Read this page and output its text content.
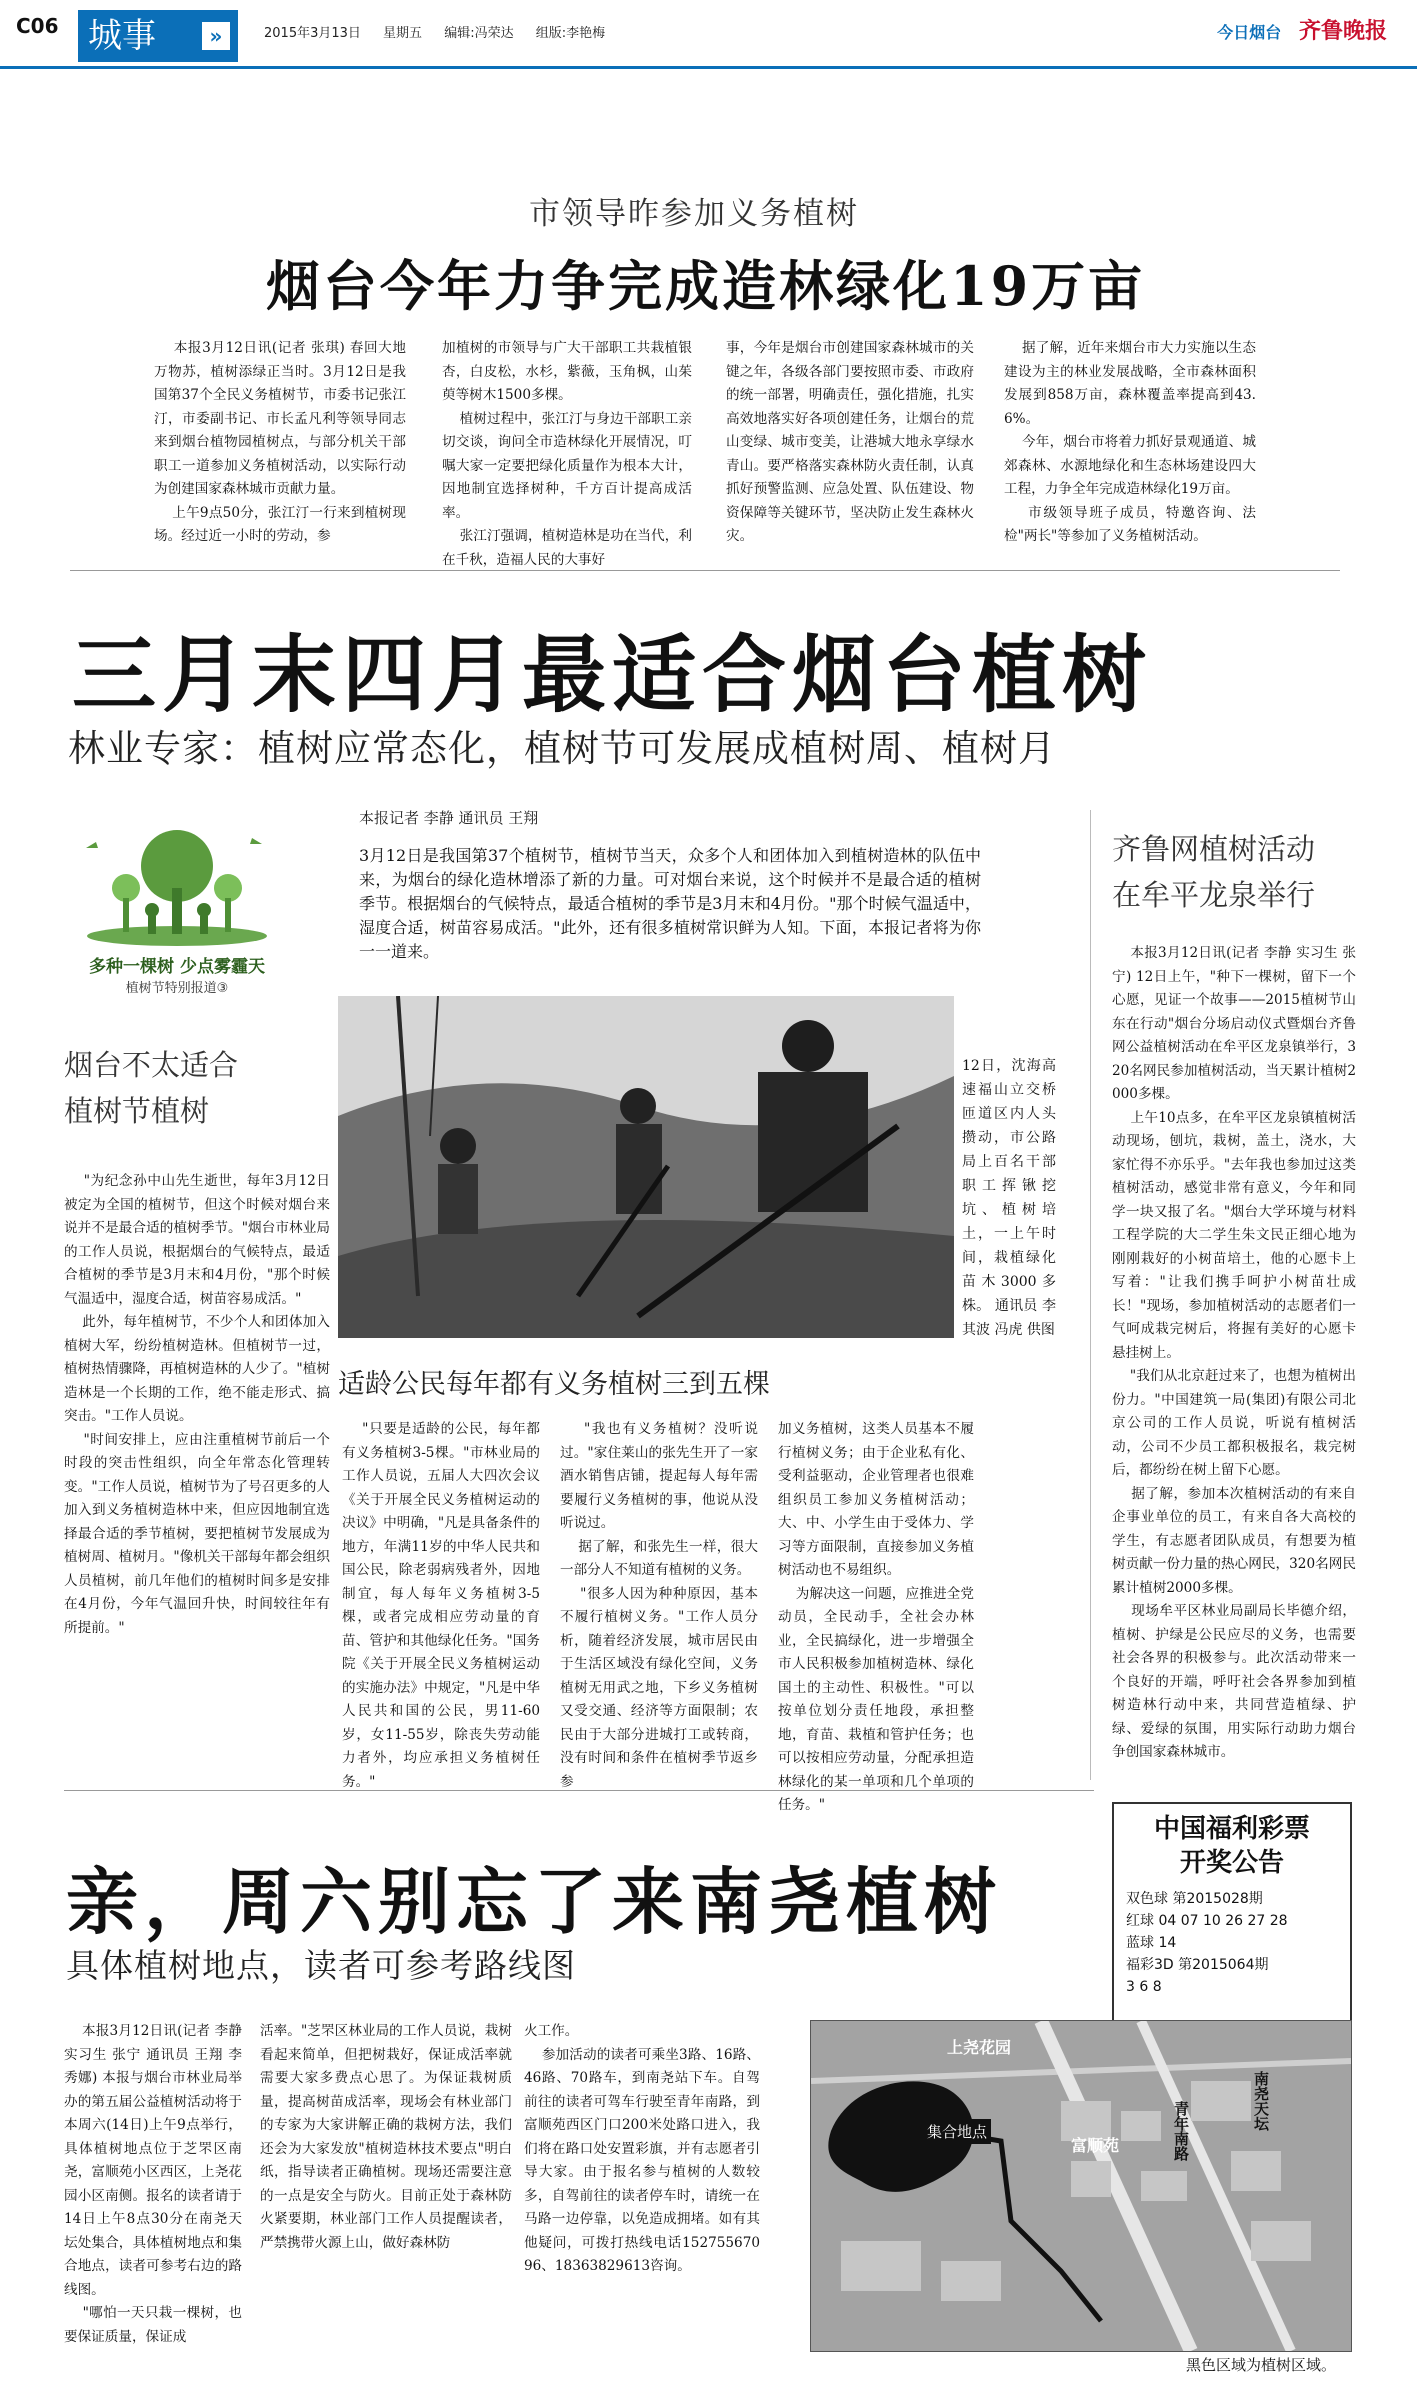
C06 城事	»	2015年3月13日 星期五 编辑:冯荣达 组版:李艳梅	今日烟台 齐鲁晚报
市领导昨参加义务植树
烟台今年力争完成造林绿化19万亩
本报3月12日讯(记者 张琪) 春回大地万物苏，植树添绿正当时。3月12日是我国第37个全民义务植树节，市委书记张江汀，市委副书记、市长孟凡利等领导同志来到烟台植物园植树点，与部分机关干部职工一道参加义务植树活动，以实际行动为创建国家森林城市贡献力量。
上午9点50分，张江汀一行来到植树现场。经过近一小时的劳动，参
加植树的市领导与广大干部职工共栽植银杏，白皮松，水杉，紫薇，玉角枫，山茱萸等树木1500多棵。
植树过程中，张江汀与身边干部职工亲切交谈，询问全市造林绿化开展情况，叮嘱大家一定要把绿化质量作为根本大计，因地制宜选择树种，千方百计提高成活率。
张江汀强调，植树造林是功在当代，利在千秋，造福人民的大事好
事，今年是烟台市创建国家森林城市的关键之年，各级各部门要按照市委、市政府的统一部署，明确责任，强化措施，扎实高效地落实好各项创建任务，让烟台的荒山变绿、城市变美，让港城大地永享绿水青山。要严格落实森林防火责任制，认真抓好预警监测、应急处置、队伍建设、物资保障等关键环节，坚决防止发生森林火灾。
据了解，近年来烟台市大力实施以生态建设为主的林业发展战略，全市森林面积发展到858万亩，森林覆盖率提高到43.6%。
今年，烟台市将着力抓好景观通道、城郊森林、水源地绿化和生态林场建设四大工程，力争全年完成造林绿化19万亩。
市级领导班子成员，特邀咨询、法检"两长"等参加了义务植树活动。
三月末四月最适合烟台植树
林业专家：植树应常态化，植树节可发展成植树周、植树月
多种一棵树 少点雾霾天
植树节特别报道③
本报记者 李静 通讯员 王翔
3月12日是我国第37个植树节，植树节当天，众多个人和团体加入到植树造林的队伍中来，为烟台的绿化造林增添了新的力量。可对烟台来说，这个时候并不是最合适的植树季节。根据烟台的气候特点，最适合植树的季节是3月末和4月份。"那个时候气温适中，湿度合适，树苗容易成活。"此外，还有很多植树常识鲜为人知。下面，本报记者将为你一一道来。
烟台不太适合
植树节植树
"为纪念孙中山先生逝世，每年3月12日被定为全国的植树节，但这个时候对烟台来说并不是最合适的植树季节。"烟台市林业局的工作人员说，根据烟台的气候特点，最适合植树的季节是3月末和4月份，"那个时候气温适中，湿度合适，树苗容易成活。"
此外，每年植树节，不少个人和团体加入植树大军，纷纷植树造林。但植树节一过，植树热情骤降，再植树造林的人少了。"植树造林是一个长期的工作，绝不能走形式、搞突击。"工作人员说。
"时间安排上，应由注重植树节前后一个时段的突击性组织，向全年常态化管理转变。"工作人员说，植树节为了号召更多的人加入到义务植树造林中来，但应因地制宜选择最合适的季节植树，要把植树节发展成为植树周、植树月。"像机关干部每年都会组织人员植树，前几年他们的植树时间多是安排在4月份，今年气温回升快，时间较往年有所提前。"
12日，沈海高速福山立交桥匝道区内人头攒动，市公路局上百名干部职工挥锹挖坑、植树培土，一上午时间，栽植绿化苗木3000多株。 通讯员 李其波 冯虎 供图
适龄公民每年都有义务植树三到五棵
"只要是适龄的公民，每年都有义务植树3-5棵。"市林业局的工作人员说，五届人大四次会议《关于开展全民义务植树运动的决议》中明确，"凡是具备条件的地方，年满11岁的中华人民共和国公民，除老弱病残者外，因地制宜，每人每年义务植树3-5棵，或者完成相应劳动量的育苗、管护和其他绿化任务。"国务院《关于开展全民义务植树运动的实施办法》中规定，"凡是中华人民共和国的公民，男11-60岁，女11-55岁，除丧失劳动能力者外，均应承担义务植树任务。"
"我也有义务植树？没听说过。"家住莱山的张先生开了一家酒水销售店铺，提起每人每年需要履行义务植树的事，他说从没听说过。
据了解，和张先生一样，很大一部分人不知道有植树的义务。
"很多人因为种种原因，基本不履行植树义务。"工作人员分析，随着经济发展，城市居民由于生活区域没有绿化空间，义务植树无用武之地，下乡义务植树又受交通、经济等方面限制；农民由于大部分进城打工或转商，没有时间和条件在植树季节返乡参
加义务植树，这类人员基本不履行植树义务；由于企业私有化、受利益驱动，企业管理者也很难组织员工参加义务植树活动；大、中、小学生由于受体力、学习等方面限制，直接参加义务植树活动也不易组织。
为解决这一问题，应推进全党动员，全民动手，全社会办林业，全民搞绿化，进一步增强全市人民积极参加植树造林、绿化国土的主动性、积极性。"可以按单位划分责任地段，承担整地，育苗、栽植和管护任务；也可以按相应劳动量，分配承担造林绿化的某一单项和几个单项的任务。"
齐鲁网植树活动
在牟平龙泉举行
本报3月12日讯(记者 李静 实习生 张宁) 12日上午，"种下一棵树，留下一个心愿，见证一个故事——2015植树节山东在行动"烟台分场启动仪式暨烟台齐鲁网公益植树活动在牟平区龙泉镇举行，320名网民参加植树活动，当天累计植树2000多棵。
上午10点多，在牟平区龙泉镇植树活动现场，刨坑，栽树，盖土，浇水，大家忙得不亦乐乎。"去年我也参加过这类植树活动，感觉非常有意义，今年和同学一块又报了名。"烟台大学环境与材料工程学院的大二学生朱文民正细心地为刚刚栽好的小树苗培土，他的心愿卡上写着："让我们携手呵护小树苗壮成长！"现场，参加植树活动的志愿者们一气呵成栽完树后，将握有美好的心愿卡悬挂树上。
"我们从北京赶过来了，也想为植树出份力。"中国建筑一局(集团)有限公司北京公司的工作人员说，听说有植树活动，公司不少员工都积极报名，栽完树后，都纷纷在树上留下心愿。
据了解，参加本次植树活动的有来自企事业单位的员工，有来自各大高校的学生，有志愿者团队成员，有想要为植树贡献一份力量的热心网民，320名网民累计植树2000多棵。
现场牟平区林业局副局长毕德介绍，植树、护绿是公民应尽的义务，也需要社会各界的积极参与。此次活动带来一个良好的开端，呼吁社会各界参加到植树造林行动中来，共同营造植绿、护绿、爱绿的氛围，用实际行动助力烟台争创国家森林城市。
中国福利彩票
开奖公告
双色球 第2015028期
红球 04 07 10 26 27 28
蓝球 14
福彩3D 第2015064期
3 6 8
亲，周六别忘了来南尧植树
具体植树地点，读者可参考路线图
本报3月12日讯(记者 李静 实习生 张宁 通讯员 王翔 李秀娜) 本报与烟台市林业局举办的第五届公益植树活动将于本周六(14日)上午9点举行，具体植树地点位于芝罘区南尧，富顺苑小区西区，上尧花园小区南侧。报名的读者请于14日上午8点30分在南尧天坛处集合，具体植树地点和集合地点，读者可参考右边的路线图。
"哪怕一天只栽一棵树，也要保证质量，保证成
活率。"芝罘区林业局的工作人员说，栽树看起来简单，但把树栽好，保证成活率就需要大家多费点心思了。为保证栽树质量，提高树苗成活率，现场会有林业部门的专家为大家讲解正确的栽树方法，我们还会为大家发放"植树造林技术要点"明白纸，指导读者正确植树。现场还需要注意的一点是安全与防火。目前正处于森林防火紧要期，林业部门工作人员提醒读者，严禁携带火源上山，做好森林防
火工作。
参加活动的读者可乘坐3路、16路、46路、70路车，到南尧站下车。自驾前往的读者可驾车行驶至青年南路，到富顺苑西区门口200米处路口进入，我们将在路口处安置彩旗，并有志愿者引导大家。由于报名参与植树的人数较多，自驾前往的读者停车时，请统一在马路一边停靠，以免造成拥堵。如有其他疑问，可拨打热线电话15275567096、18363829613咨询。
上尧花园
集合地点
富顺苑	青年南路	南尧天坛
黑色区域为植树区域。
